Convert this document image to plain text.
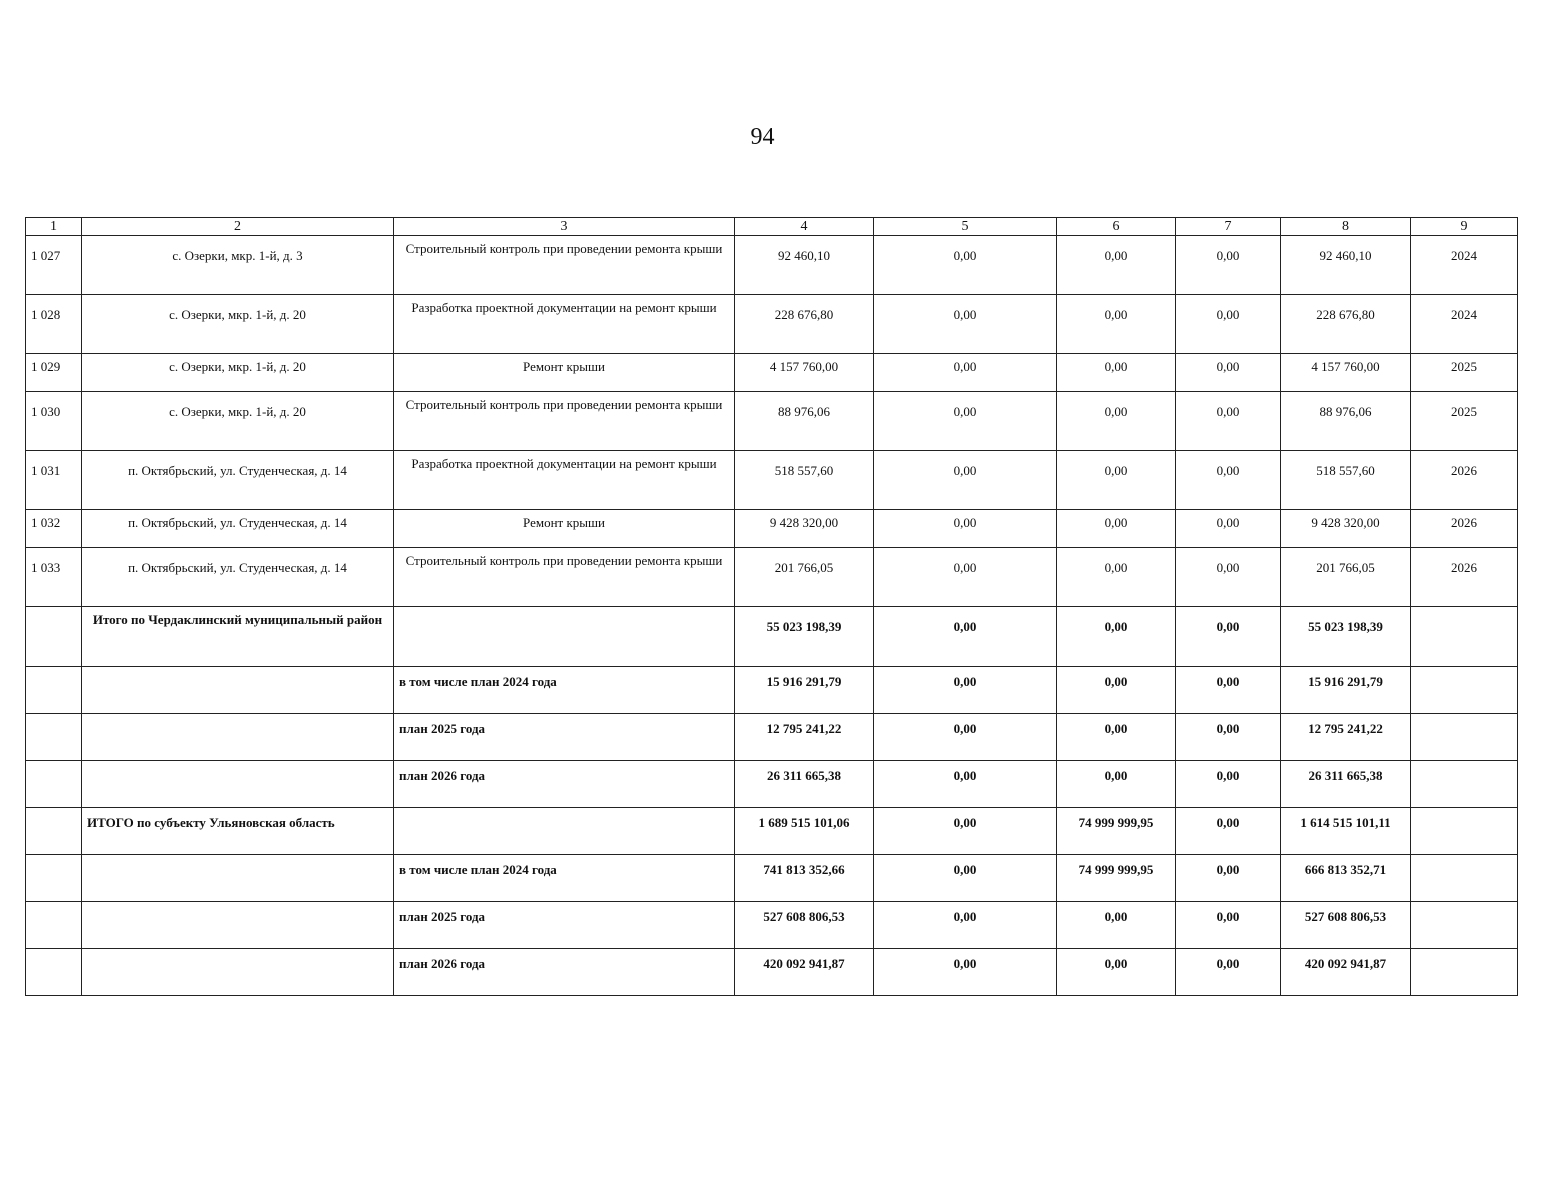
94
1	2	3	4	5	6	7	8	9
1 027	с. Озерки, мкр. 1-й, д. 3	Строительный контроль при проведении ремонта крыши	92 460,10	0,00	0,00	0,00	92 460,10	2024
1 028	с. Озерки, мкр. 1-й, д. 20	Разработка проектной документации на ремонт крыши	228 676,80	0,00	0,00	0,00	228 676,80	2024
1 029	с. Озерки, мкр. 1-й, д. 20	Ремонт крыши	4 157 760,00	0,00	0,00	0,00	4 157 760,00	2025
1 030	с. Озерки, мкр. 1-й, д. 20	Строительный контроль при проведении ремонта крыши	88 976,06	0,00	0,00	0,00	88 976,06	2025
1 031	п. Октябрьский, ул. Студенческая, д. 14	Разработка проектной документации на ремонт крыши	518 557,60	0,00	0,00	0,00	518 557,60	2026
1 032	п. Октябрьский, ул. Студенческая, д. 14	Ремонт крыши	9 428 320,00	0,00	0,00	0,00	9 428 320,00	2026
1 033	п. Октябрьский, ул. Студенческая, д. 14	Строительный контроль при проведении ремонта крыши	201 766,05	0,00	0,00	0,00	201 766,05	2026
	Итого по Чердаклинский муниципальный район		55 023 198,39	0,00	0,00	0,00	55 023 198,39	
		в том числе план 2024 года	15 916 291,79	0,00	0,00	0,00	15 916 291,79	
		план 2025 года	12 795 241,22	0,00	0,00	0,00	12 795 241,22	
		план 2026 года	26 311 665,38	0,00	0,00	0,00	26 311 665,38	
	ИТОГО по субъекту Ульяновская область		1 689 515 101,06	0,00	74 999 999,95	0,00	1 614 515 101,11	
		в том числе план 2024 года	741 813 352,66	0,00	74 999 999,95	0,00	666 813 352,71	
		план 2025 года	527 608 806,53	0,00	0,00	0,00	527 608 806,53	
		план 2026 года	420 092 941,87	0,00	0,00	0,00	420 092 941,87	
